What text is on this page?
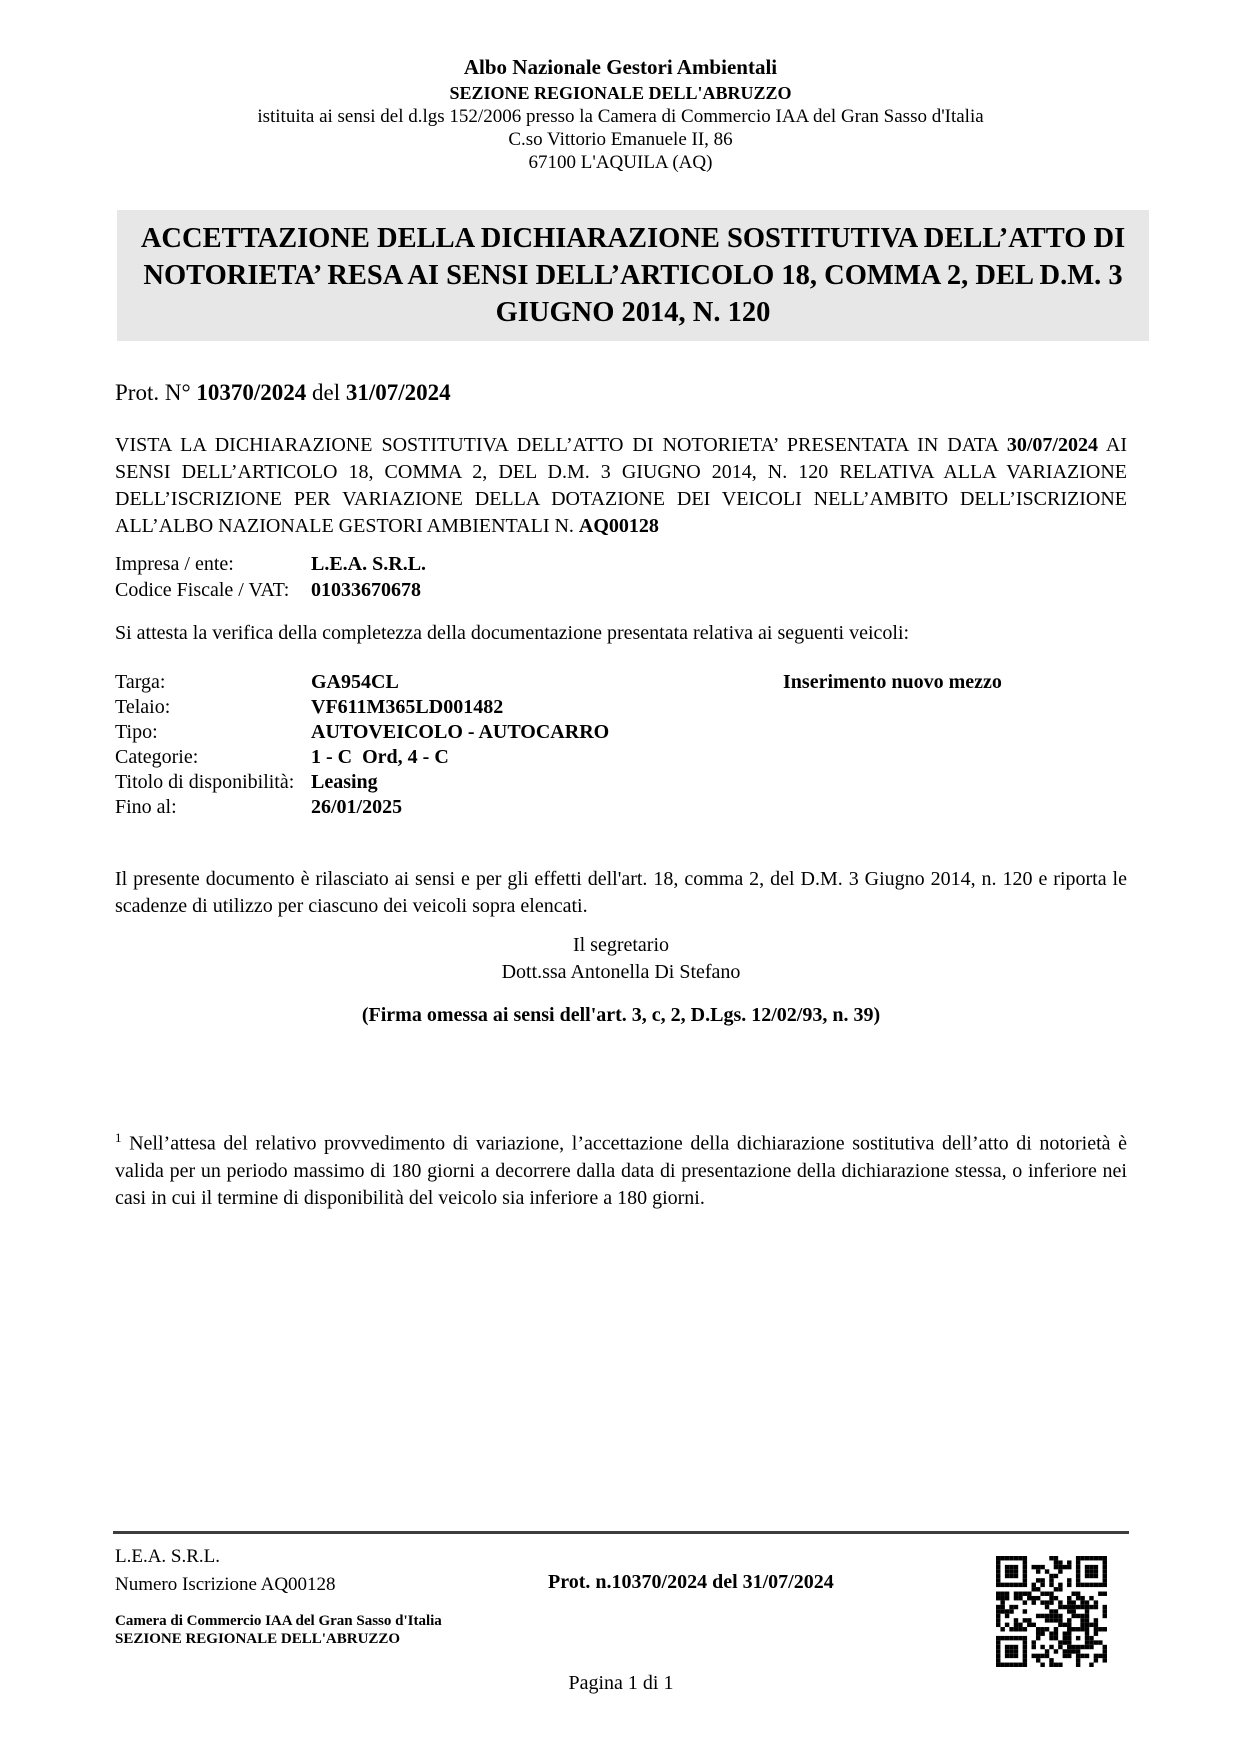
Albo Nazionale Gestori Ambientali
SEZIONE REGIONALE DELL'ABRUZZO
istituita ai sensi del d.lgs 152/2006 presso la Camera di Commercio IAA del Gran Sasso d'Italia
C.so Vittorio Emanuele II, 86
67100 L'AQUILA (AQ)
ACCETTAZIONE DELLA DICHIARAZIONE SOSTITUTIVA DELL’ATTO DI NOTORIETA’ RESA AI SENSI DELL’ARTICOLO 18, COMMA 2, DEL D.M. 3 GIUGNO 2014, N. 120
Prot. N° 10370/2024 del 31/07/2024

VISTA LA DICHIARAZIONE SOSTITUTIVA DELL’ATTO DI NOTORIETA’ PRESENTATA IN DATA 30/07/2024 AI SENSI DELL’ARTICOLO 18, COMMA 2, DEL D.M. 3 GIUGNO 2014, N. 120 RELATIVA ALLA VARIAZIONE DELL’ISCRIZIONE PER VARIAZIONE DELLA DOTAZIONE DEI VEICOLI NELL’AMBITO DELL’ISCRIZIONE ALL’ALBO NAZIONALE GESTORI AMBIENTALI N. AQ00128

Impresa / ente:	L.E.A. S.R.L.
Codice Fiscale / VAT: 01033670678

Si attesta la verifica della completezza della documentazione presentata relativa ai seguenti veicoli:

Inserimento nuovo mezzo
Targa:	GA954CL
Telaio:	VF611M365LD001482
Tipo:	AUTOVEICOLO - AUTOCARRO
Categorie:	1 - C  Ord, 4 - C
Titolo di disponibilità: Leasing
Fino al:	26/01/2025

Il presente documento è rilasciato ai sensi e per gli effetti dell'art. 18, comma 2, del D.M. 3 Giugno 2014, n. 120 e riporta le scadenze di utilizzo per ciascuno dei veicoli sopra elencati.

Il segretario
Dott.ssa Antonella Di Stefano
(Firma omessa ai sensi dell'art. 3, c, 2, D.Lgs. 12/02/93, n. 39)
$^1$ Nell’attesa del relativo provvedimento di variazione, l’accettazione della dichiarazione sostitutiva dell’atto di notorietà è valida per un periodo massimo di 180 giorni a decorrere dalla data di presentazione della dichiarazione stessa, o inferiore nei casi in cui il termine di disponibilità del veicolo sia inferiore a 180 giorni.
L.E.A. S.R.L.
Numero Iscrizione AQ00128	Prot. n.10370/2024 del 31/07/2024
Camera di Commercio IAA del Gran Sasso d'Italia
SEZIONE REGIONALE DELL'ABRUZZO
Pagina 1 di 1
